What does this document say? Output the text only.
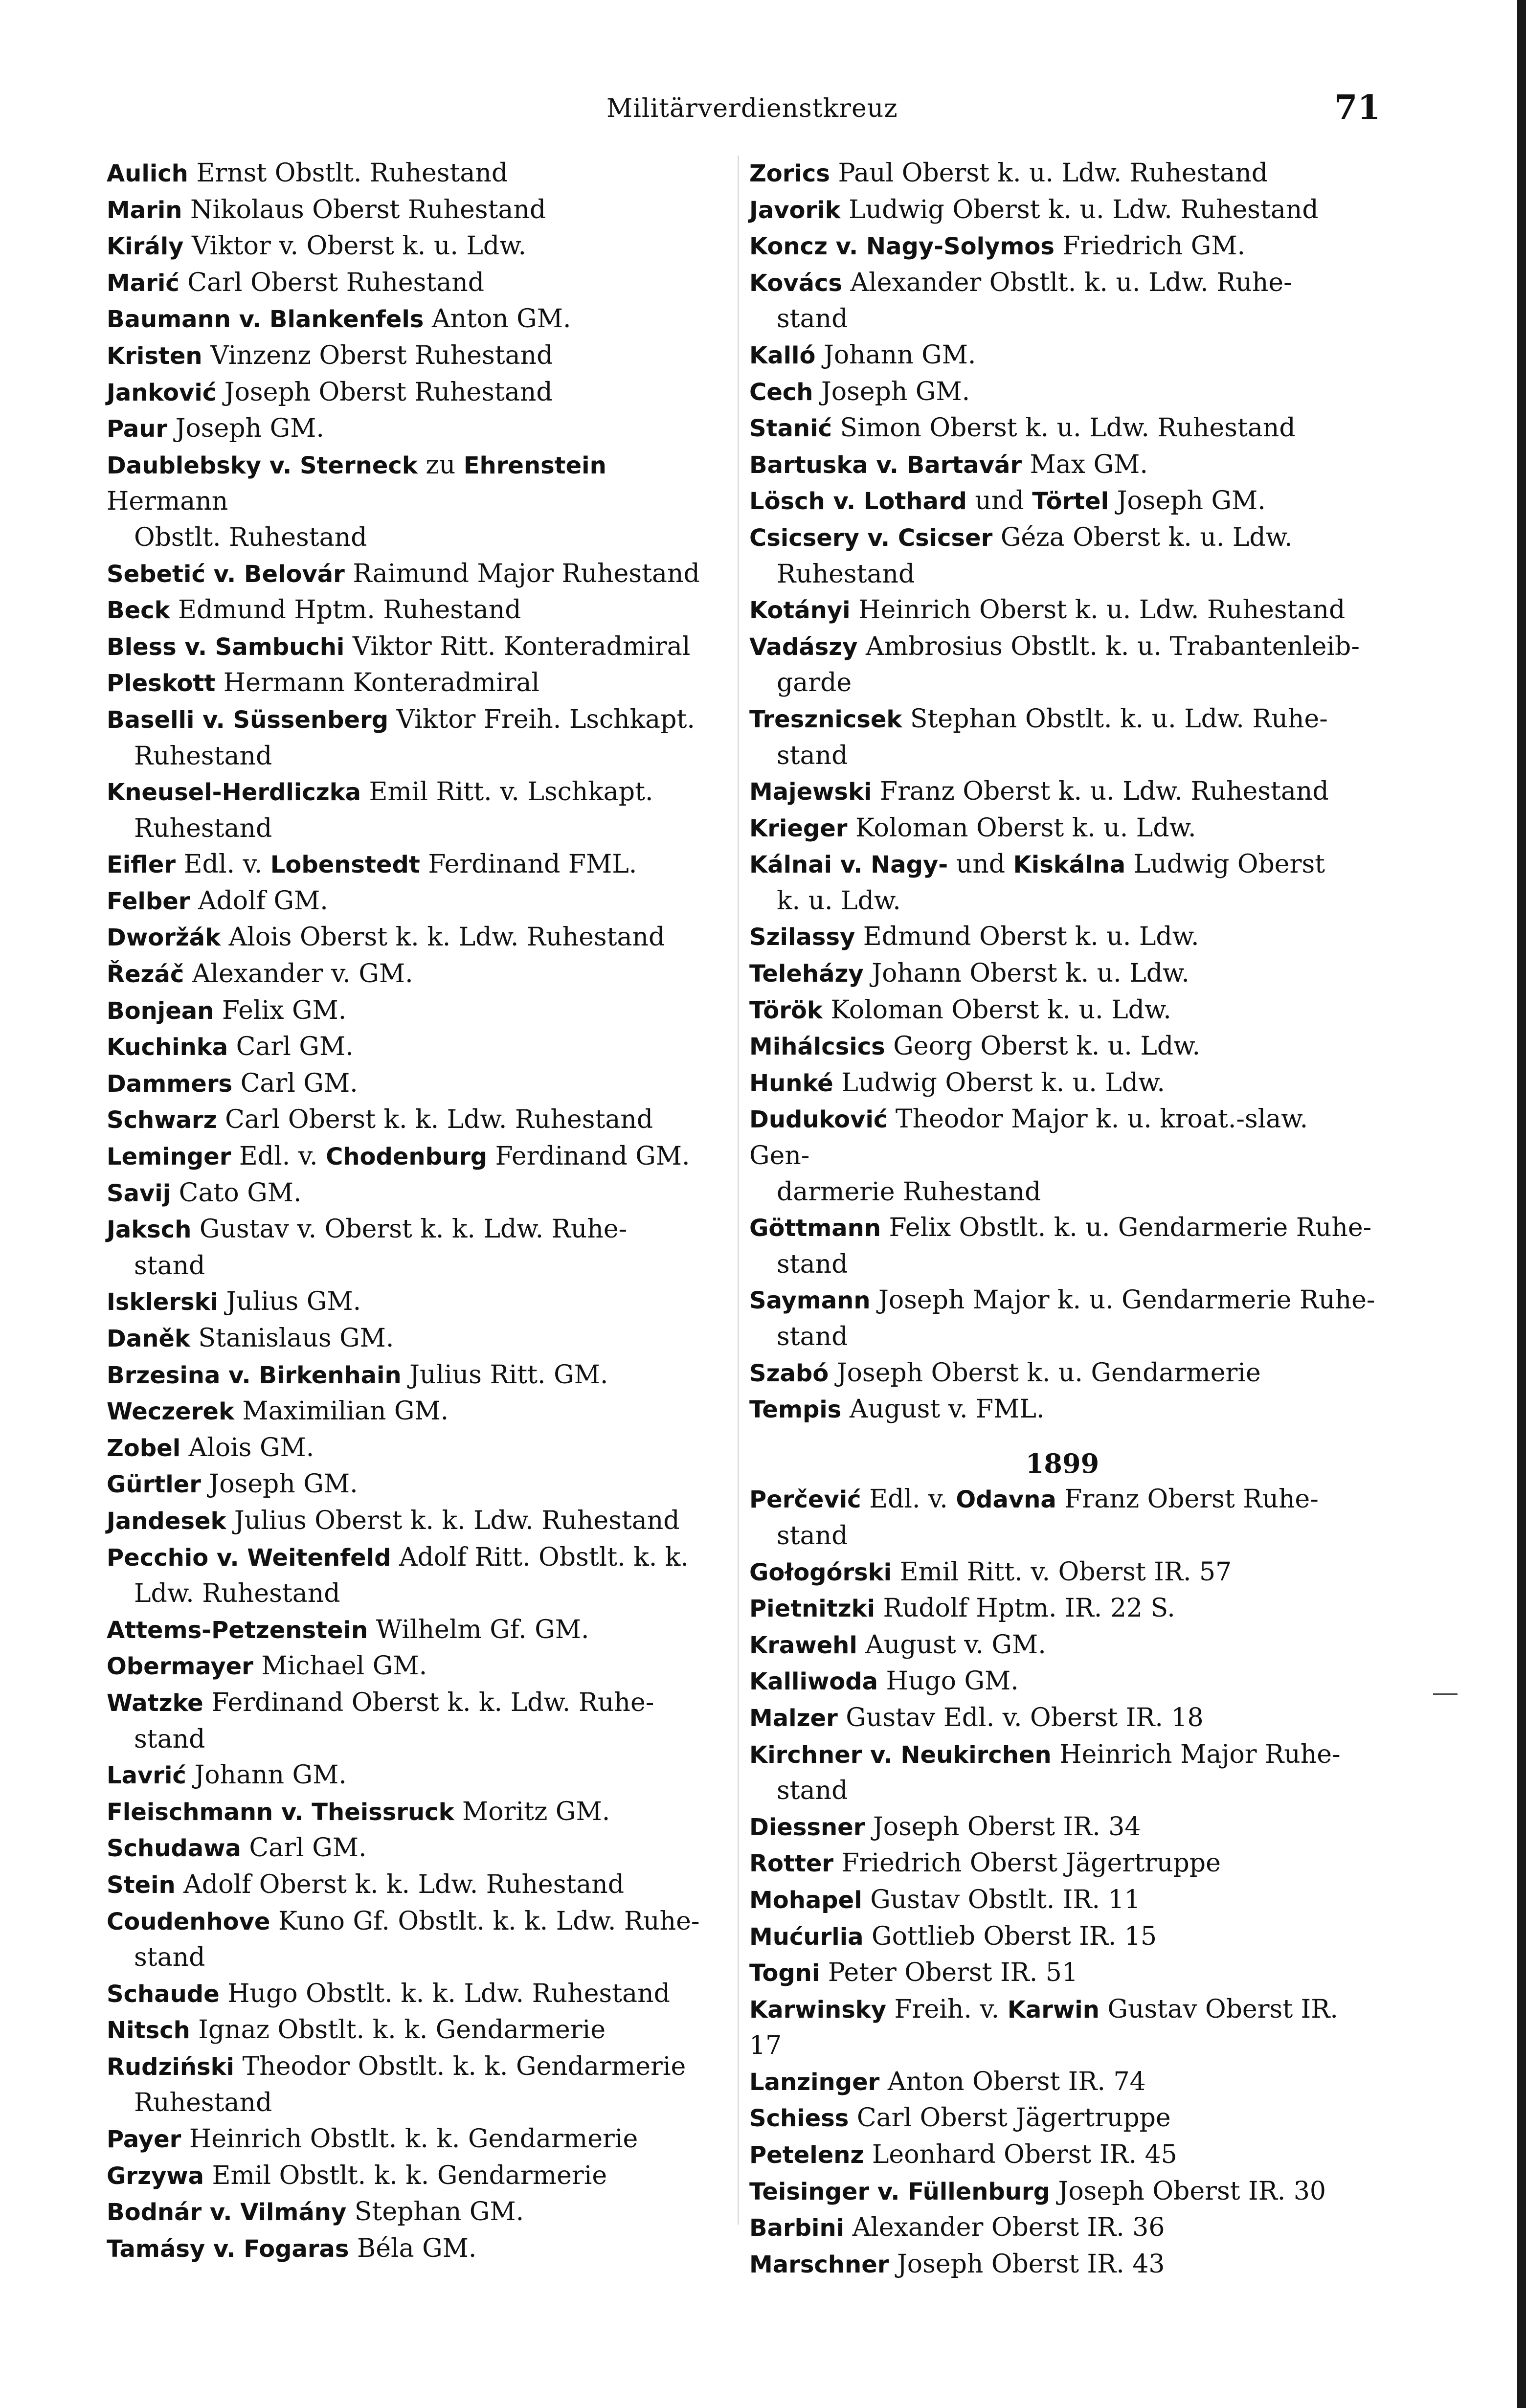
Militärverdienstkreuz	71
Aulich Ernst Obstlt. Ruhestand
Marin Nikolaus Oberst Ruhestand
Király Viktor v. Oberst k. u. Ldw.
Marić Carl Oberst Ruhestand
Baumann v. Blankenfels Anton GM.
Kristen Vinzenz Oberst Ruhestand
Janković Joseph Oberst Ruhestand
Paur Joseph GM.
Daublebsky v. Sterneck zu Ehrenstein Hermann
Obstlt. Ruhestand
Sebetić v. Belovár Raimund Major Ruhestand
Beck Edmund Hptm. Ruhestand
Bless v. Sambuchi Viktor Ritt. Konteradmiral
Pleskott Hermann Konteradmiral
Baselli v. Süssenberg Viktor Freih. Lschkapt.
Ruhestand
Kneusel-Herdliczka Emil Ritt. v. Lschkapt.
Ruhestand
Eifler Edl. v. Lobenstedt Ferdinand FML.
Felber Adolf GM.
Dworžák Alois Oberst k. k. Ldw. Ruhestand
Řezáč Alexander v. GM.
Bonjean Felix GM.
Kuchinka Carl GM.
Dammers Carl GM.
Schwarz Carl Oberst k. k. Ldw. Ruhestand
Leminger Edl. v. Chodenburg Ferdinand GM.
Savij Cato GM.
Jaksch Gustav v. Oberst k. k. Ldw. Ruhe-
stand
Isklerski Julius GM.
Daněk Stanislaus GM.
Brzesina v. Birkenhain Julius Ritt. GM.
Weczerek Maximilian GM.
Zobel Alois GM.
Gürtler Joseph GM.
Jandesek Julius Oberst k. k. Ldw. Ruhestand
Pecchio v. Weitenfeld Adolf Ritt. Obstlt. k. k.
Ldw. Ruhestand
Attems-Petzenstein Wilhelm Gf. GM.
Obermayer Michael GM.
Watzke Ferdinand Oberst k. k. Ldw. Ruhe-
stand
Lavrić Johann GM.
Fleischmann v. Theissruck Moritz GM.
Schudawa Carl GM.
Stein Adolf Oberst k. k. Ldw. Ruhestand
Coudenhove Kuno Gf. Obstlt. k. k. Ldw. Ruhe-
stand
Schaude Hugo Obstlt. k. k. Ldw. Ruhestand
Nitsch Ignaz Obstlt. k. k. Gendarmerie
Rudziński Theodor Obstlt. k. k. Gendarmerie
Ruhestand
Payer Heinrich Obstlt. k. k. Gendarmerie
Grzywa Emil Obstlt. k. k. Gendarmerie
Bodnár v. Vilmány Stephan GM.
Tamásy v. Fogaras Béla GM.
Zorics Paul Oberst k. u. Ldw. Ruhestand
Javorik Ludwig Oberst k. u. Ldw. Ruhestand
Koncz v. Nagy-Solymos Friedrich GM.
Kovács Alexander Obstlt. k. u. Ldw. Ruhe-
stand
Kalló Johann GM.
Cech Joseph GM.
Stanić Simon Oberst k. u. Ldw. Ruhestand
Bartuska v. Bartavár Max GM.
Lösch v. Lothard und Törtel Joseph GM.
Csicsery v. Csicser Géza Oberst k. u. Ldw.
Ruhestand
Kotányi Heinrich Oberst k. u. Ldw. Ruhestand
Vadászy Ambrosius Obstlt. k. u. Trabantenleib-
garde
Tresznicsek Stephan Obstlt. k. u. Ldw. Ruhe-
stand
Majewski Franz Oberst k. u. Ldw. Ruhestand
Krieger Koloman Oberst k. u. Ldw.
Kálnai v. Nagy- und Kiskálna Ludwig Oberst
k. u. Ldw.
Szilassy Edmund Oberst k. u. Ldw.
Teleházy Johann Oberst k. u. Ldw.
Török Koloman Oberst k. u. Ldw.
Mihálcsics Georg Oberst k. u. Ldw.
Hunké Ludwig Oberst k. u. Ldw.
Duduković Theodor Major k. u. kroat.-slaw. Gen-
darmerie Ruhestand
Göttmann Felix Obstlt. k. u. Gendarmerie Ruhe-
stand
Saymann Joseph Major k. u. Gendarmerie Ruhe-
stand
Szabó Joseph Oberst k. u. Gendarmerie
Tempis August v. FML.
1899
Perčević Edl. v. Odavna Franz Oberst Ruhe-
stand
Gołogórski Emil Ritt. v. Oberst IR. 57
Pietnitzki Rudolf Hptm. IR. 22 S.
Krawehl August v. GM.
Kalliwoda Hugo GM.
Malzer Gustav Edl. v. Oberst IR. 18
Kirchner v. Neukirchen Heinrich Major Ruhe-
stand
Diessner Joseph Oberst IR. 34
Rotter Friedrich Oberst Jägertruppe
Mohapel Gustav Obstlt. IR. 11
Mućurlia Gottlieb Oberst IR. 15
Togni Peter Oberst IR. 51
Karwinsky Freih. v. Karwin Gustav Oberst IR. 17
Lanzinger Anton Oberst IR. 74
Schiess Carl Oberst Jägertruppe
Petelenz Leonhard Oberst IR. 45
Teisinger v. Füllenburg Joseph Oberst IR. 30
Barbini Alexander Oberst IR. 36
Marschner Joseph Oberst IR. 43
